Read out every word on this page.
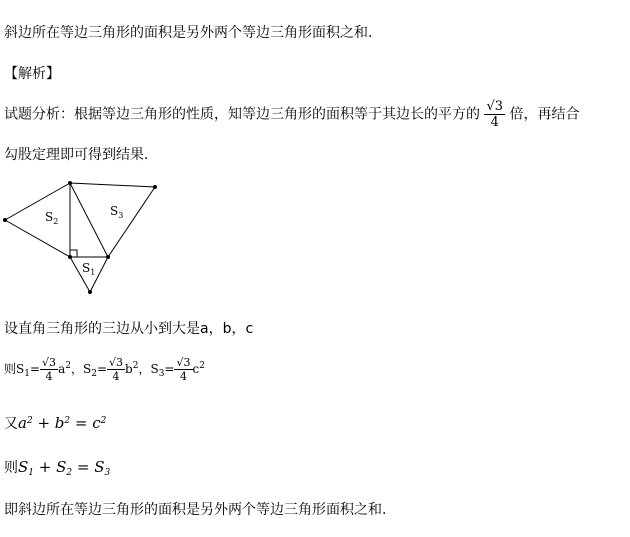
斜边所在等边三角形的面积是另外两个等边三角形面积之和.
【解析】
试题分析：根据等边三角形的性质，知等边三角形的面积等于其边长的平方的 $\frac{√3}{4}$ 倍，再结合
勾股定理即可得到结果．
$S_2$
$S_3$
$S_1$
设直角三角形的三边从小到大是a，b，c
则$S_1= \frac{√3}{4} a^2$，$S_2= \frac{√3}{4} b^2$，$S_3= \frac{√3}{4} c^2$
又$a^2 + b^2 = c^2$
则$S_1 + S_2 = S_3$
即斜边所在等边三角形的面积是另外两个等边三角形面积之和.
